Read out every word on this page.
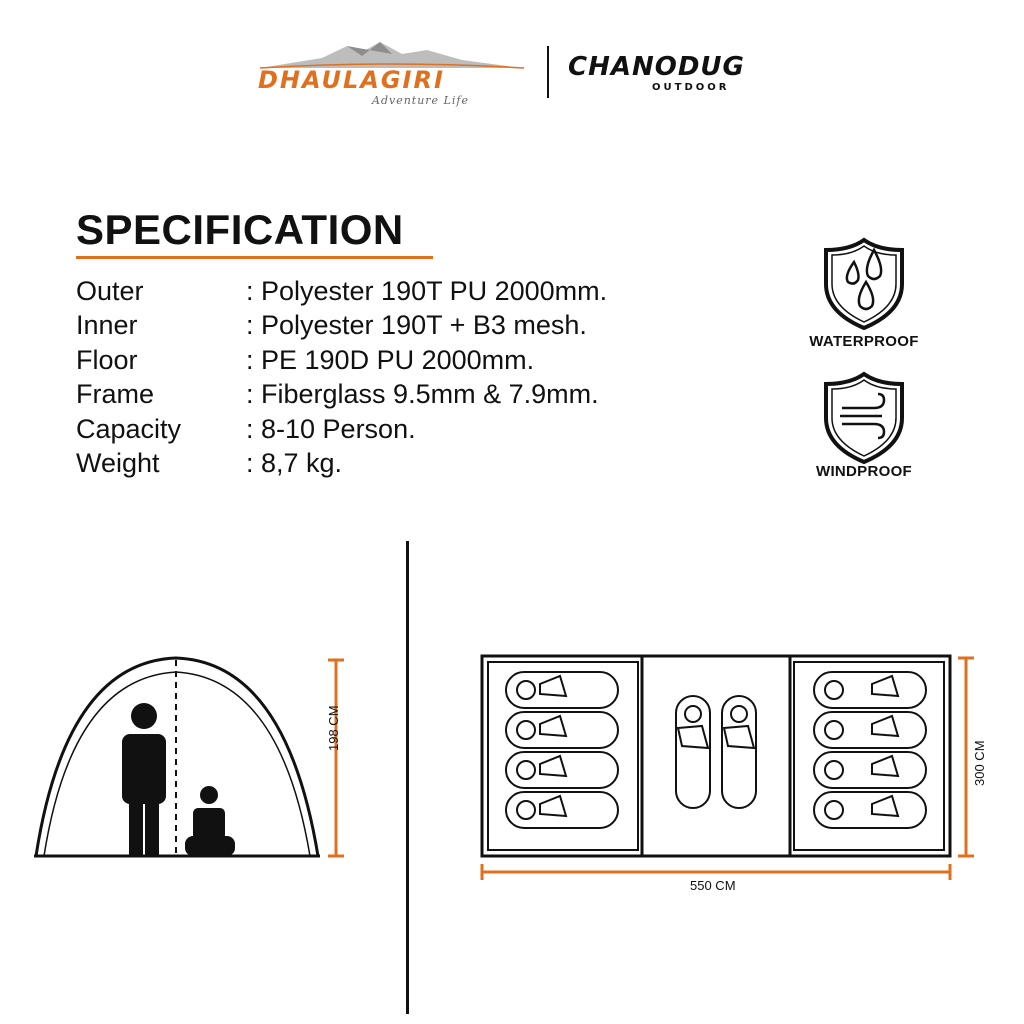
DHAULAGIRI
Adventure Life
CHANODUG
OUTDOOR
SPECIFICATION
Outer	: Polyester 190T PU 2000mm.
Inner	: Polyester 190T + B3 mesh.
Floor	: PE 190D PU 2000mm.
Frame	: Fiberglass 9.5mm & 7.9mm.
Capacity : 8-10 Person.
Weight	: 8,7 kg.
WATERPROOF
WINDPROOF
198 CM
550 CM
300 CM
